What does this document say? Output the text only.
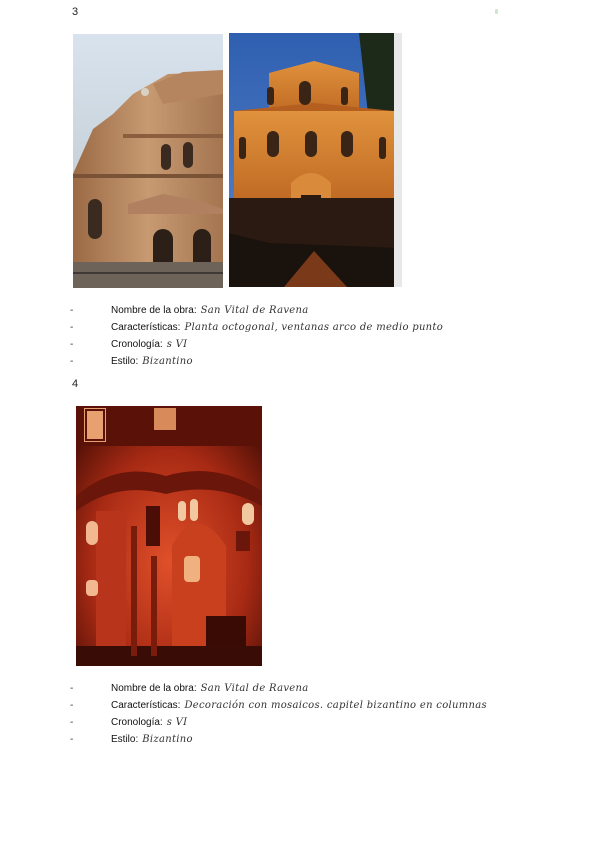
3
-	Nombre de la obra: San Vital de Ravena
-	Características: Planta octogonal, ventanas arco de medio punto
-	Cronología: s VI
-	Estilo: Bizantino
4
-	Nombre de la obra: San Vital de Ravena
-	Características: Decoración con mosaicos. capitel bizantino en columnas
-	Cronología: s VI
-	Estilo: Bizantino
